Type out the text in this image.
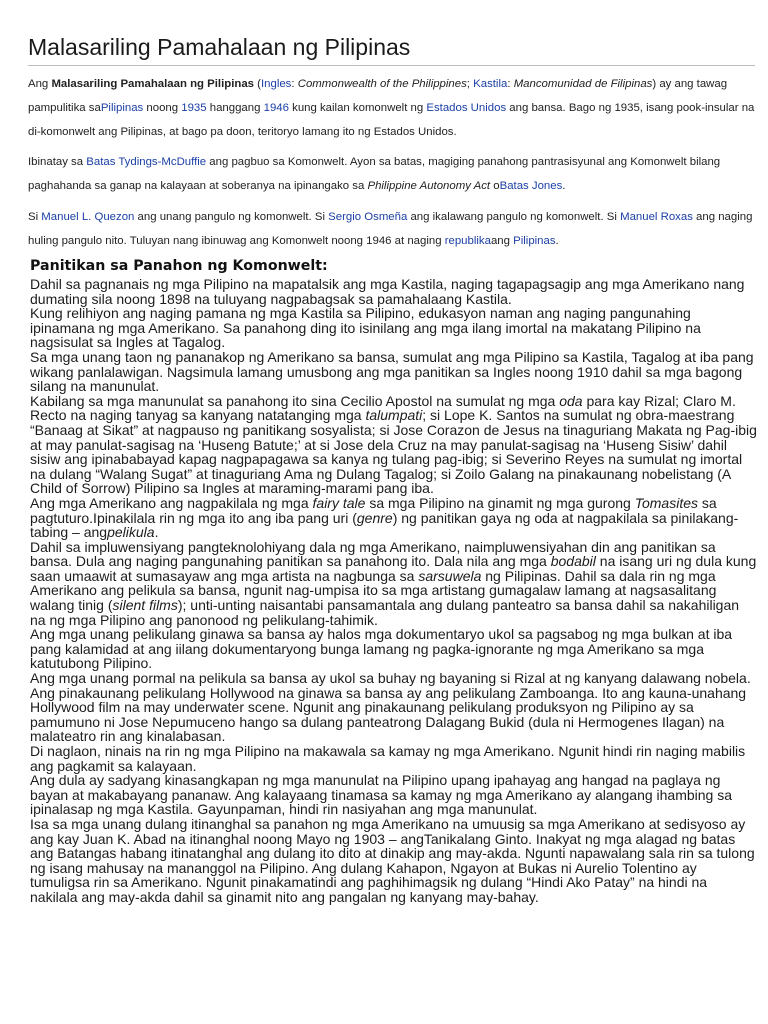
Malasariling Pamahalaan ng Pilipinas

Ang Malasariling Pamahalaan ng Pilipinas (Ingles: Commonwealth of the Philippines; Kastila: Mancomunidad de Filipinas) ay ang tawag pampulitika saPilipinas noong 1935 hanggang 1946 kung kailan komonwelt ng Estados Unidos ang bansa. Bago ng 1935, isang pook-insular na di-komonwelt ang Pilipinas, at bago pa doon, teritoryo lamang ito ng Estados Unidos.

Ibinatay sa Batas Tydings-McDuffie ang pagbuo sa Komonwelt. Ayon sa batas, magiging panahong pantrasisyunal ang Komonwelt bilang paghahanda sa ganap na kalayaan at soberanya na ipinangako sa Philippine Autonomy Act oBatas Jones.

Si Manuel L. Quezon ang unang pangulo ng komonwelt. Si Sergio Osmeña ang ikalawang pangulo ng komonwelt. Si Manuel Roxas ang naging huling pangulo nito. Tuluyan nang ibinuwag ang Komonwelt noong 1946 at naging republikaang Pilipinas.

Panitikan sa Panahon ng Komonwelt:

Dahil sa pagnanais ng mga Pilipino na mapatalsik ang mga Kastila, naging tagapagsagip ang mga Amerikano nang dumating sila noong 1898 na tuluyang nagpabagsak sa pamahalaang Kastila.

Kung relihiyon ang naging pamana ng mga Kastila sa Pilipino, edukasyon naman ang naging pangunahing ipinamana ng mga Amerikano. Sa panahong ding ito isinilang ang mga ilang imortal na makatang Pilipino na nagsisulat sa Ingles at Tagalog.

Sa mga unang taon ng pananakop ng Amerikano sa bansa, sumulat ang mga Pilipino sa Kastila, Tagalog at iba pang wikang panlalawigan. Nagsimula lamang umusbong ang mga panitikan sa Ingles noong 1910 dahil sa mga bagong silang na manunulat.

Kabilang sa mga manunulat sa panahong ito sina Cecilio Apostol na sumulat ng mga oda para kay Rizal; Claro M. Recto na naging tanyag sa kanyang natatanging mga talumpati; si Lope K. Santos na sumulat ng obra-maestrang “Banaag at Sikat” at nagpauso ng panitikang sosyalista; si Jose Corazon de Jesus na tinaguriang Makata ng Pag-ibig at may panulat-sagisag na ‘Huseng Batute;’ at si Jose dela Cruz na may panulat-sagisag na ‘Huseng Sisiw’ dahil sisiw ang ipinababayad kapag nagpapagawa sa kanya ng tulang pag-ibig; si Severino Reyes na sumulat ng imortal na dulang “Walang Sugat” at tinaguriang Ama ng Dulang Tagalog; si Zoilo Galang na pinakaunang nobelistang (A Child of Sorrow) Pilipino sa Ingles at maraming-marami pang iba.

Ang mga Amerikano ang nagpakilala ng mga fairy tale sa mga Pilipino na ginamit ng mga gurong Tomasites sa pagtuturo.Ipinakilala rin ng mga ito ang iba pang uri (genre) ng panitikan gaya ng oda at nagpakilala sa pinilakang-tabing – angpelikula.

Dahil sa impluwensiyang pangteknolohiyang dala ng mga Amerikano, naimpluwensiyahan din ang panitikan sa bansa. Dula ang naging pangunahing panitikan sa panahong ito. Dala nila ang mga bodabil na isang uri ng dula kung saan umaawit at sumasayaw ang mga artista na nagbunga sa sarsuwela ng Pilipinas. Dahil sa dala rin ng mga Amerikano ang pelikula sa bansa, ngunit nag-umpisa ito sa mga artistang gumagalaw lamang at nagsasalitang walang tinig (silent films); unti-unting naisantabi pansamantala ang dulang panteatro sa bansa dahil sa nakahiligan na ng mga Pilipino ang panonood ng pelikulang-tahimik.

Ang mga unang pelikulang ginawa sa bansa ay halos mga dokumentaryo ukol sa pagsabog ng mga bulkan at iba pang kalamidad at ang iilang dokumentaryong bunga lamang ng pagka-ignorante ng mga Amerikano sa mga katutubong Pilipino.

Ang mga unang pormal na pelikula sa bansa ay ukol sa buhay ng bayaning si Rizal at ng kanyang dalawang nobela. Ang pinakaunang pelikulang Hollywood na ginawa sa bansa ay ang pelikulang Zamboanga. Ito ang kauna-unahang Hollywood film na may underwater scene. Ngunit ang pinakaunang pelikulang produksyon ng Pilipino ay sa pamumuno ni Jose Nepumuceno hango sa dulang panteatrong Dalagang Bukid (dula ni Hermogenes Ilagan) na malateatro rin ang kinalabasan.

Di naglaon, ninais na rin ng mga Pilipino na makawala sa kamay ng mga Amerikano. Ngunit hindi rin naging mabilis ang pagkamit sa kalayaan.

Ang dula ay sadyang kinasangkapan ng mga manunulat na Pilipino upang ipahayag ang hangad na paglaya ng bayan at makabayang pananaw. Ang kalayaang tinamasa sa kamay ng mga Amerikano ay alangang ihambing sa ipinalasap ng mga Kastila. Gayunpaman, hindi rin nasiyahan ang mga manunulat.

Isa sa mga unang dulang itinanghal sa panahon ng mga Amerikano na umuusig sa mga Amerikano at sedisyoso ay ang kay Juan K. Abad na itinanghal noong Mayo ng 1903 – angTanikalang Ginto. Inakyat ng mga alagad ng batas ang Batangas habang itinatanghal ang dulang ito dito at dinakip ang may-akda. Ngunti napawalang sala rin sa tulong ng isang mahusay na mananggol na Pilipino. Ang dulang Kahapon, Ngayon at Bukas ni Aurelio Tolentino ay tumuligsa rin sa Amerikano. Ngunit pinakamatindi ang paghihimagsik ng dulang “Hindi Ako Patay” na hindi na nakilala ang may-akda dahil sa ginamit nito ang pangalan ng kanyang may-bahay.
